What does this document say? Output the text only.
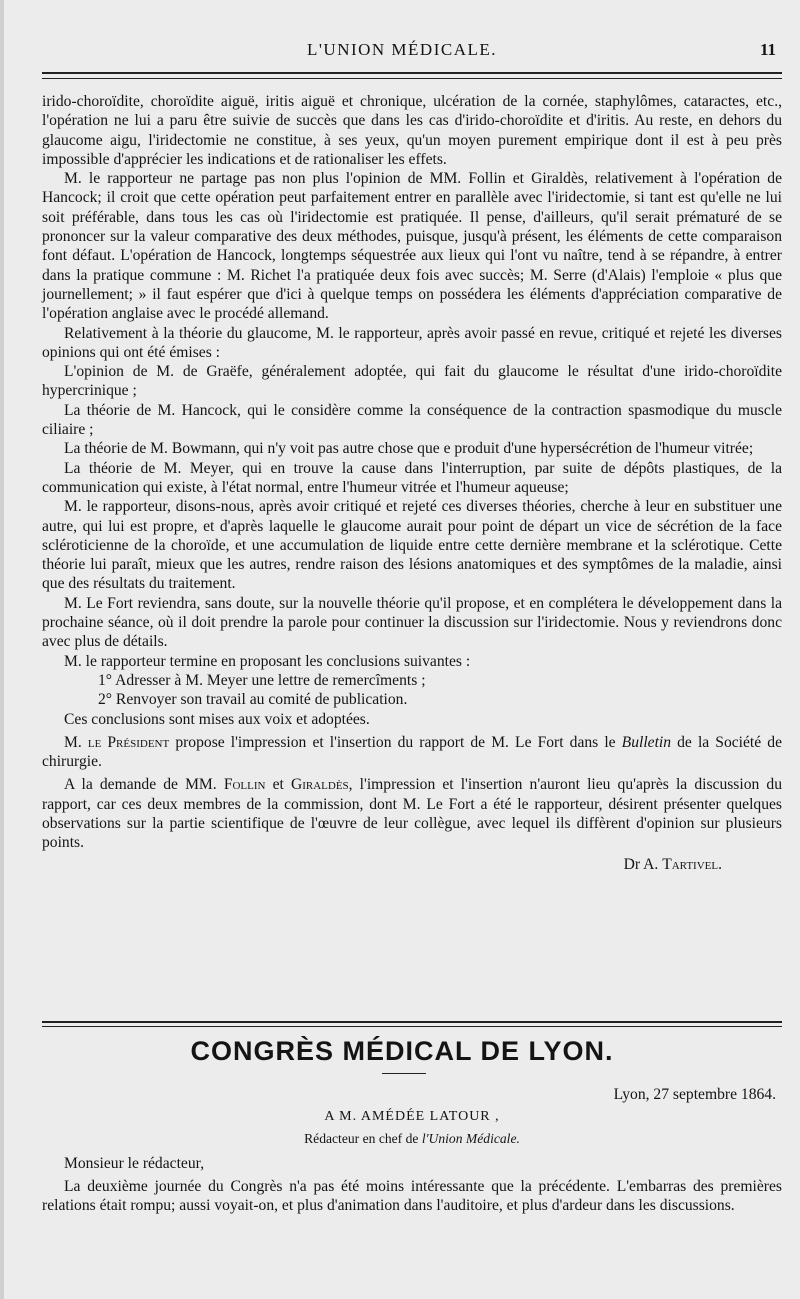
L'UNION MÉDICALE.	11

irido-choroïdite, choroïdite aiguë, iritis aiguë et chronique, ulcération de la cornée, staphylômes, cataractes, etc., l'opération ne lui a paru être suivie de succès que dans les cas d'irido-choroïdite et d'iritis. Au reste, en dehors du glaucome aigu, l'iridectomie ne constitue, à ses yeux, qu'un moyen purement empirique dont il est à peu près impossible d'apprécier les indications et de rationaliser les effets.

M. le rapporteur ne partage pas non plus l'opinion de MM. Follin et Giraldès, relativement à l'opération de Hancock; il croit que cette opération peut parfaitement entrer en parallèle avec l'iridectomie, si tant est qu'elle ne lui soit préférable, dans tous les cas où l'iridectomie est pratiquée. Il pense, d'ailleurs, qu'il serait prématuré de se prononcer sur la valeur comparative des deux méthodes, puisque, jusqu'à présent, les éléments de cette comparaison font défaut. L'opération de Hancock, longtemps séquestrée aux lieux qui l'ont vu naître, tend à se répandre, à entrer dans la pratique commune : M. Richet l'a pratiquée deux fois avec succès; M. Serre (d'Alais) l'emploie « plus que journellement; » il faut espérer que d'ici à quelque temps on possédera les éléments d'appréciation comparative de l'opération anglaise avec le procédé allemand.

Relativement à la théorie du glaucome, M. le rapporteur, après avoir passé en revue, critiqué et rejeté les diverses opinions qui ont été émises :

L'opinion de M. de Graëfe, généralement adoptée, qui fait du glaucome le résultat d'une irido-choroïdite hypercrinique ;

La théorie de M. Hancock, qui le considère comme la conséquence de la contraction spasmodique du muscle ciliaire ;

La théorie de M. Bowmann, qui n'y voit pas autre chose que e produit d'une hypersécrétion de l'humeur vitrée;

La théorie de M. Meyer, qui en trouve la cause dans l'interruption, par suite de dépôts plastiques, de la communication qui existe, à l'état normal, entre l'humeur vitrée et l'humeur aqueuse;

M. le rapporteur, disons-nous, après avoir critiqué et rejeté ces diverses théories, cherche à leur en substituer une autre, qui lui est propre, et d'après laquelle le glaucome aurait pour point de départ un vice de sécrétion de la face scléroticienne de la choroïde, et une accumulation de liquide entre cette dernière membrane et la sclérotique. Cette théorie lui paraît, mieux que les autres, rendre raison des lésions anatomiques et des symptômes de la maladie, ainsi que des résultats du traitement.

M. Le Fort reviendra, sans doute, sur la nouvelle théorie qu'il propose, et en complétera le développement dans la prochaine séance, où il doit prendre la parole pour continuer la discussion sur l'iridectomie. Nous y reviendrons donc avec plus de détails.

M. le rapporteur termine en proposant les conclusions suivantes :

1° Adresser à M. Meyer une lettre de remercîments ;

2° Renvoyer son travail au comité de publication.

Ces conclusions sont mises aux voix et adoptées.

M. le Président propose l'impression et l'insertion du rapport de M. Le Fort dans le Bulletin de la Société de chirurgie.

A la demande de MM. Follin et Giraldès, l'impression et l'insertion n'auront lieu qu'après la discussion du rapport, car ces deux membres de la commission, dont M. Le Fort a été le rapporteur, désirent présenter quelques observations sur la partie scientifique de l'œuvre de leur collègue, avec lequel ils diffèrent d'opinion sur plusieurs points.

Dr A. Tartivel.
CONGRÈS MÉDICAL DE LYON.
Lyon, 27 septembre 1864.
A M. AMÉDÉE LATOUR ,
Rédacteur en chef de l'Union Médicale.
Monsieur le rédacteur,

La deuxième journée du Congrès n'a pas été moins intéressante que la précédente. L'embarras des premières relations était rompu; aussi voyait-on, et plus d'animation dans l'auditoire, et plus d'ardeur dans les discussions.
